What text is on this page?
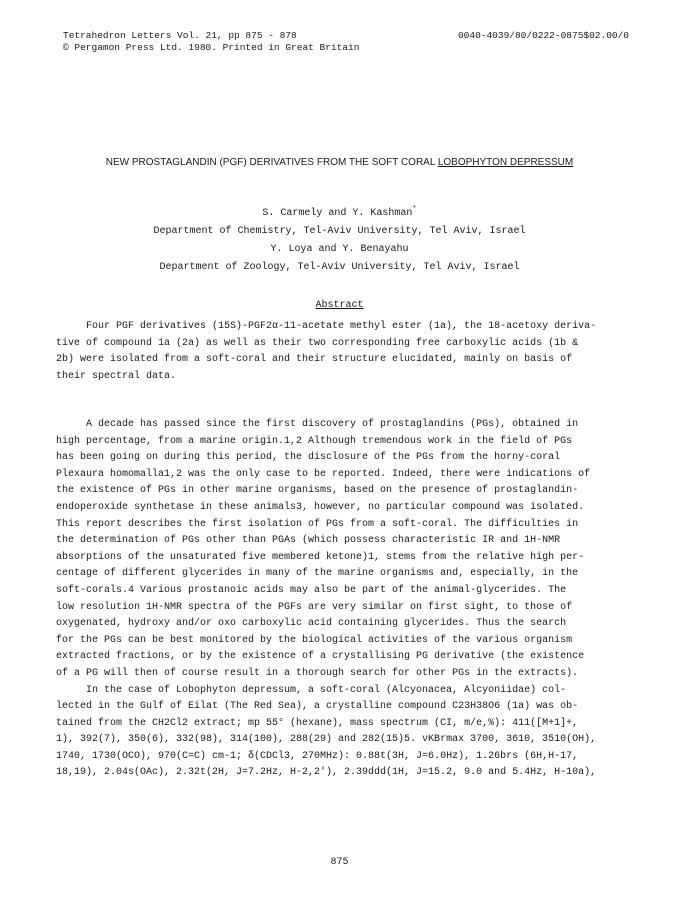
Tetrahedron Letters Vol. 21, pp 875 - 878
© Pergamon Press Ltd. 1980. Printed in Great Britain
0040-4039/80/0222-0875$02.00/0
NEW PROSTAGLANDIN (PGF) DERIVATIVES FROM THE SOFT CORAL LOBOPHYTON DEPRESSUM
S. Carmely and Y. Kashman*
Department of Chemistry, Tel-Aviv University, Tel Aviv, Israel
Y. Loya and Y. Benayahu
Department of Zoology, Tel-Aviv University, Tel Aviv, Israel
Abstract
Four PGF derivatives (15S)-PGF2α-11-acetate methyl ester (1a), the 18-acetoxy deriva-
tive of compound 1a (2a) as well as their two corresponding free carboxylic acids (1b &
2b) were isolated from a soft-coral and their structure elucidated, mainly on basis of
their spectral data.
A decade has passed since the first discovery of prostaglandins (PGs), obtained in
high percentage, from a marine origin.1,2 Although tremendous work in the field of PGs
has been going on during this period, the disclosure of the PGs from the horny-coral
Plexaura homomalla1,2 was the only case to be reported. Indeed, there were indications of
the existence of PGs in other marine organisms, based on the presence of prostaglandin-
endoperoxide synthetase in these animals3, however, no particular compound was isolated.
This report describes the first isolation of PGs from a soft-coral. The difficulties in
the determination of PGs other than PGAs (which possess characteristic IR and 1H-NMR
absorptions of the unsaturated five membered ketone)1, stems from the relative high per-
centage of different glycerides in many of the marine organisms and, especially, in the
soft-corals.4 Various prostanoic acids may also be part of the animal-glycerides. The
low resolution 1H-NMR spectra of the PGFs are very similar on first sight, to those of
oxygenated, hydroxy and/or oxo carboxylic acid containing glycerides. Thus the search
for the PGs can be best monitored by the biological activities of the various organism
extracted fractions, or by the existence of a crystallising PG derivative (the existence
of a PG will then of course result in a thorough search for other PGs in the extracts).
In the case of Lobophyton depressum, a soft-coral (Alcyonacea, Alcyoniidae) col-
lected in the Gulf of Eilat (The Red Sea), a crystalline compound C23H38O6 (1a) was ob-
tained from the CH2Cl2 extract; mp 55° (hexane), mass spectrum (CI, m/e,%): 411([M+1]+,
1), 392(7), 350(6), 332(98), 314(100), 288(29) and 282(15)5. νKBrmax 3700, 3610, 3510(OH),
1740, 1730(OCO), 970(C=C) cm-1; δ(CDCl3, 270MHz): 0.88t(3H, J=6.0Hz), 1.26brs (6H,H-17,
18,19), 2.04s(OAc), 2.32t(2H, J=7.2Hz, H-2,2'), 2.39ddd(1H, J=15.2, 9.0 and 5.4Hz, H-10a),
875
